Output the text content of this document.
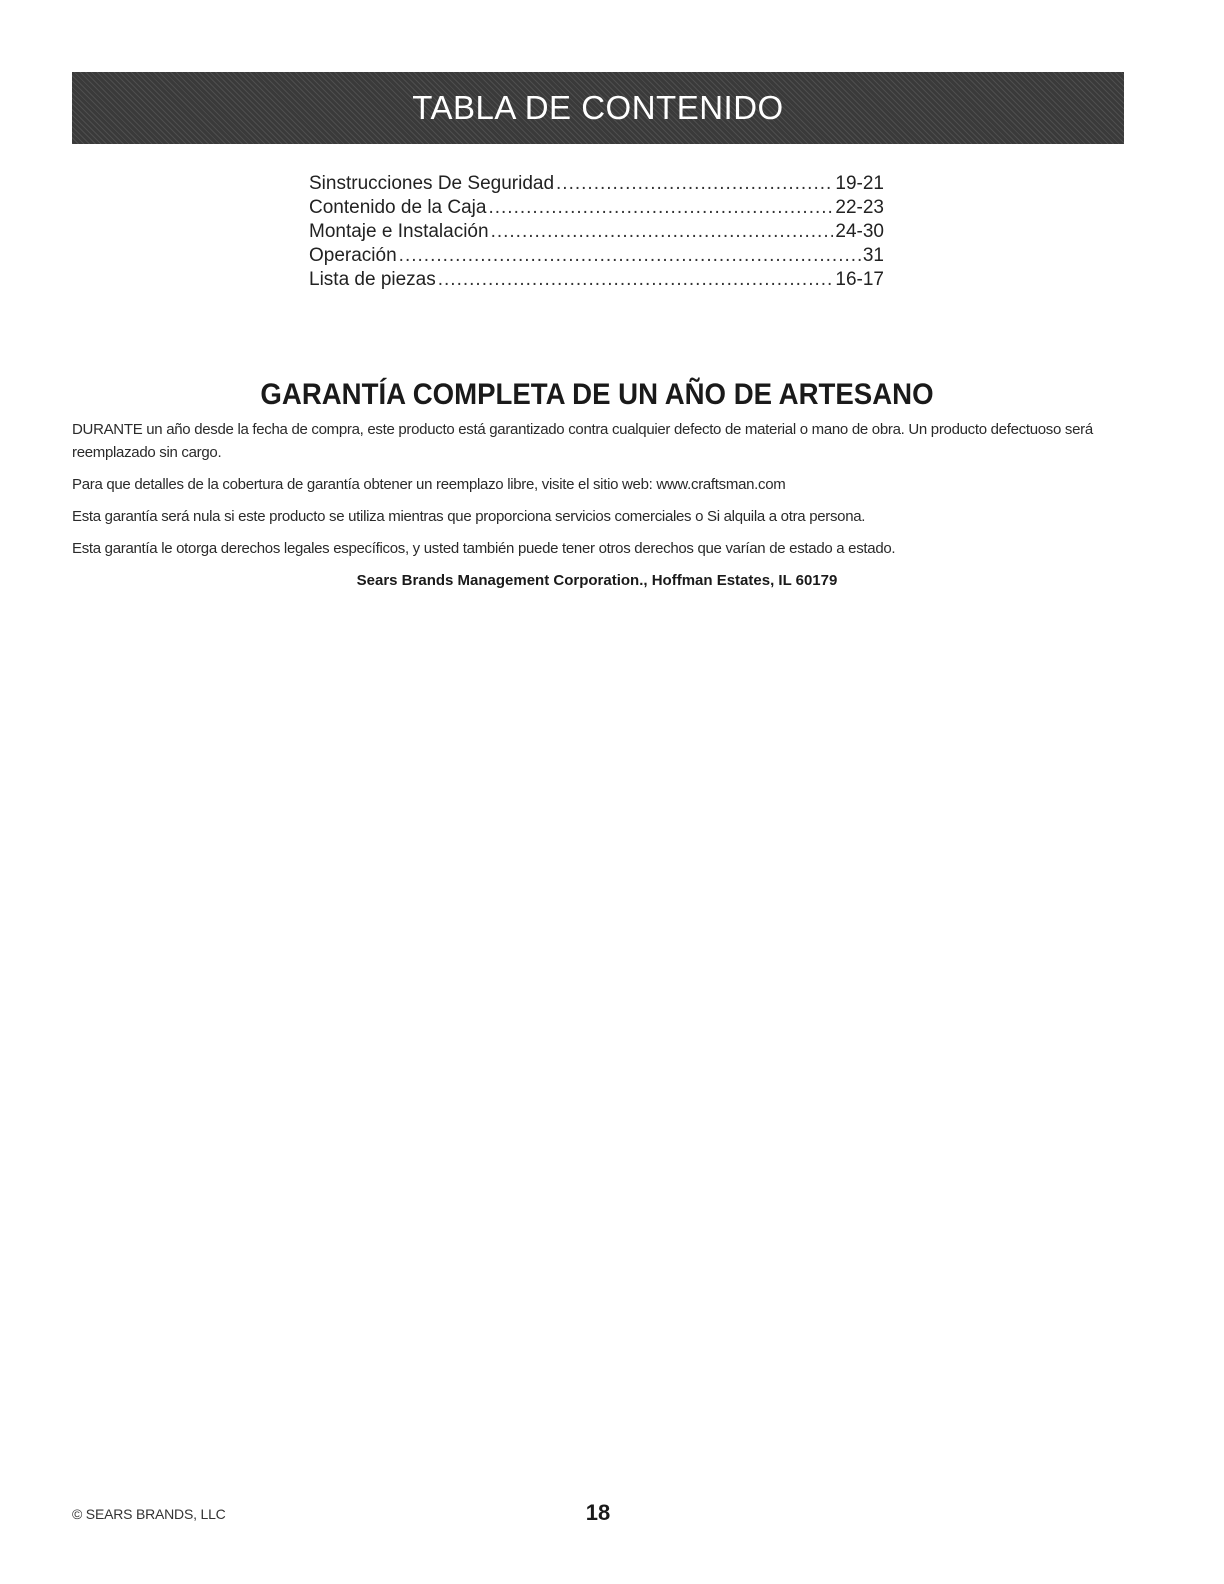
TABLA DE CONTENIDO
Sinstrucciones De Seguridad .....	19-21
Contenido de la Caja .....	22-23
Montaje e Instalación .....	24-30
Operación .....	31
Lista de piezas .....	16-17
GARANTÍA COMPLETA DE UN AÑO DE ARTESANO

DURANTE un año desde la fecha de compra, este producto está garantizado contra cualquier defecto de material o mano de obra. Un producto defectuoso será reemplazado sin cargo.

Para que detalles de la cobertura de garantía obtener un reemplazo libre, visite el sitio web: www.craftsman.com

Esta garantía será nula si este producto se utiliza mientras que proporciona servicios comerciales o Si alquila a otra persona.

Esta garantía le otorga derechos legales específicos, y usted también puede tener otros derechos que varían de estado a estado.

Sears Brands Management Corporation., Hoffman Estates, IL 60179

© SEARS BRANDS, LLC	18
